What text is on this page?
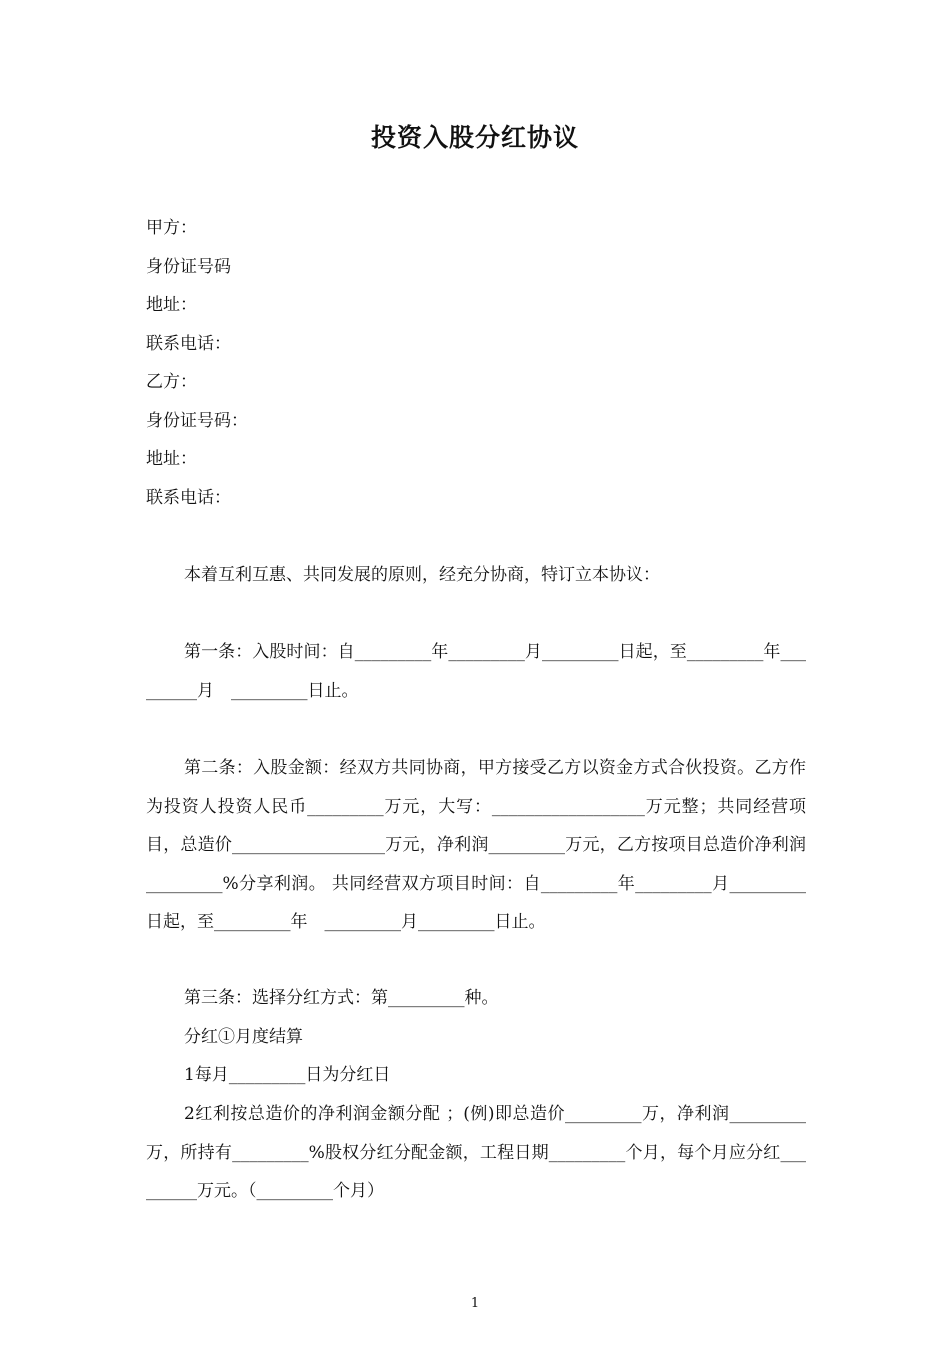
投资入股分红协议
甲方：
身份证号码
地址：
联系电话：
乙方：
身份证号码：
地址：
联系电话：
本着互利互惠、共同发展的原则，经充分协商，特订立本协议：
第一条：入股时间：自_________年_________月_________日起，至_________年_________月　_________日止。
第二条：入股金额：经双方共同协商，甲方接受乙方以资金方式合伙投资。乙方作为投资人投资人民币_________万元，大写：__________________万元整；共同经营项目，总造价__________________万元，净利润_________万元，乙方按项目总造价净利润_________%分享利润。 共同经营双方项目时间：自_________年_________月_________日起，至_________年　_________月_________日止。
第三条：选择分红方式：第_________种。
分红①月度结算
1每月_________日为分红日
2红利按总造价的净利润金额分配 ；(例)即总造价_________万，净利润_________万，所持有_________%股权分红分配金额，工程日期_________个月，每个月应分红_________万元。（_________个月）
1
